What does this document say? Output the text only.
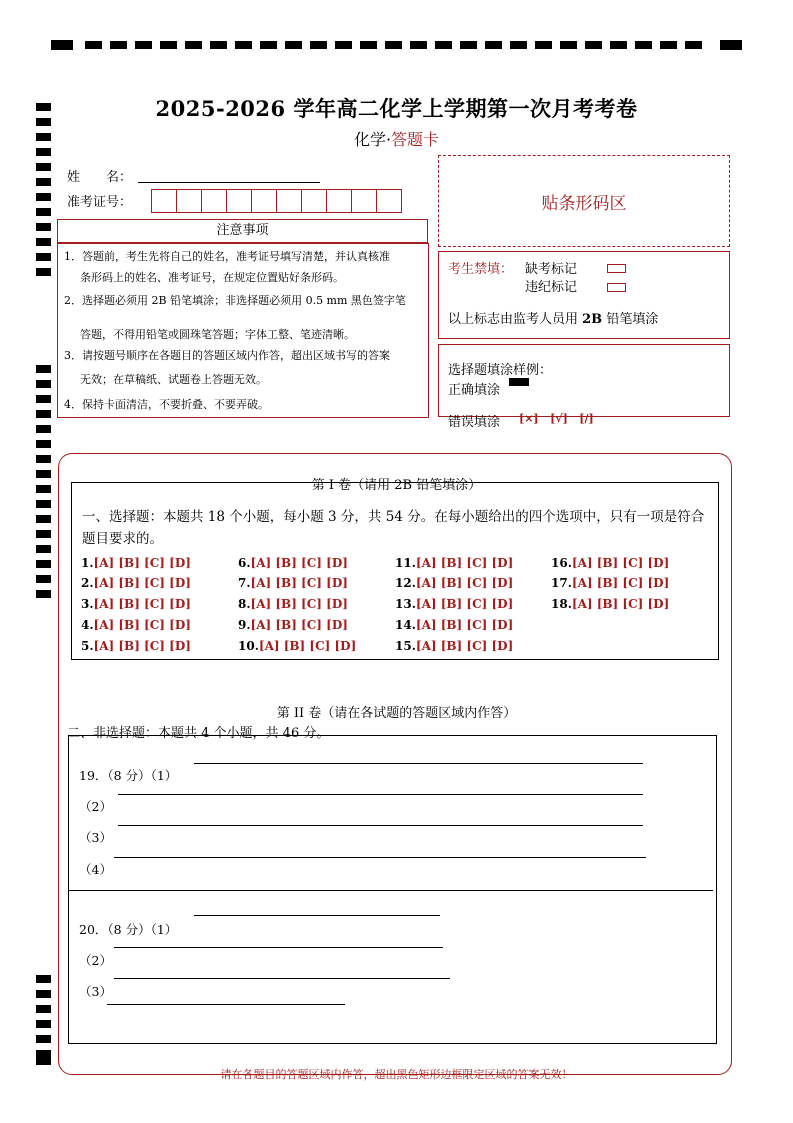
2025-2026 学年高二化学上学期第一次月考考卷
化学·答题卡
姓　　名：
准考证号：	贴条形码区
注意事项
1．答题前，考生先将自己的姓名，准考证号填写清楚，并认真核准
条形码上的姓名、准考证号，在规定位置贴好条形码。
2．选择题必须用 2B 铅笔填涂；非选择题必须用 0.5 mm 黑色签字笔
答题，不得用铅笔或圆珠笔答题；字体工整、笔迹清晰。
3．请按题号顺序在各题目的答题区域内作答，超出区域书写的答案
无效；在草稿纸、试题卷上答题无效。
4．保持卡面清洁，不要折叠、不要弄破。
考生禁填： 缺考标记
违纪标记
以上标志由监考人员用 2B 铅笔填涂
选择题填涂样例：
正确填涂
错误填涂 [×] [√] [/]
第 I 卷（请用 2B 铅笔填涂）
一、选择题：本题共 18 个小题，每小题 3 分，共 54 分。在每小题给出的四个选项中，只有一项是符合题目要求的。
1.[A] [B] [C] [D]
2.[A] [B] [C] [D]
3.[A] [B] [C] [D]
4.[A] [B] [C] [D]
5.[A] [B] [C] [D]
6.[A] [B] [C] [D]
7.[A] [B] [C] [D]
8.[A] [B] [C] [D]
9.[A] [B] [C] [D]
10.[A] [B] [C] [D]
11.[A] [B] [C] [D]
12.[A] [B] [C] [D]
13.[A] [B] [C] [D]
14.[A] [B] [C] [D]
15.[A] [B] [C] [D]
16.[A] [B] [C] [D]
17.[A] [B] [C] [D]
18.[A] [B] [C] [D]
第 II 卷（请在各试题的答题区域内作答）
二、非选择题：本题共 4 个小题，共 46 分。
19．（8 分）（1）
（2）
（3）
（4）
20．（8 分）（1）
（2）
（3）
请在各题目的答题区域内作答，超出黑色矩形边框限定区域的答案无效！
